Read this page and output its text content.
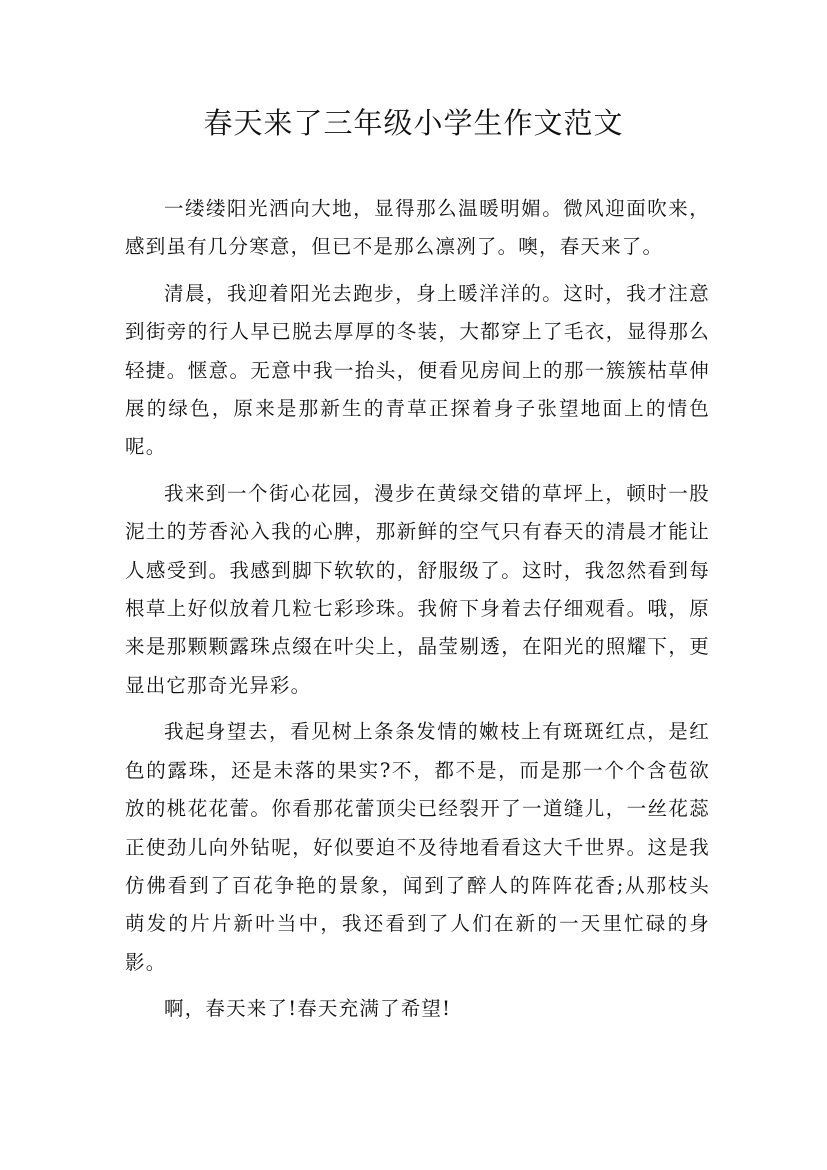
春天来了三年级小学生作文范文

一缕缕阳光洒向大地，显得那么温暖明媚。微风迎面吹来，感到虽有几分寒意，但已不是那么凛冽了。噢，春天来了。

清晨，我迎着阳光去跑步，身上暖洋洋的。这时，我才注意到街旁的行人早已脱去厚厚的冬装，大都穿上了毛衣，显得那么轻捷。惬意。无意中我一抬头，便看见房间上的那一簇簇枯草伸展的绿色，原来是那新生的青草正探着身子张望地面上的情色呢。

我来到一个街心花园，漫步在黄绿交错的草坪上，顿时一股泥土的芳香沁入我的心脾，那新鲜的空气只有春天的清晨才能让人感受到。我感到脚下软软的，舒服级了。这时，我忽然看到每根草上好似放着几粒七彩珍珠。我俯下身着去仔细观看。哦，原来是那颗颗露珠点缀在叶尖上，晶莹剔透，在阳光的照耀下，更显出它那奇光异彩。

我起身望去，看见树上条条发情的嫩枝上有斑斑红点，是红色的露珠，还是未落的果实?不，都不是，而是那一个个含苞欲放的桃花花蕾。你看那花蕾顶尖已经裂开了一道缝儿，一丝花蕊正使劲儿向外钻呢，好似要迫不及待地看看这大千世界。这是我仿佛看到了百花争艳的景象，闻到了醉人的阵阵花香;从那枝头萌发的片片新叶当中，我还看到了人们在新的一天里忙碌的身影。

啊，春天来了!春天充满了希望!
